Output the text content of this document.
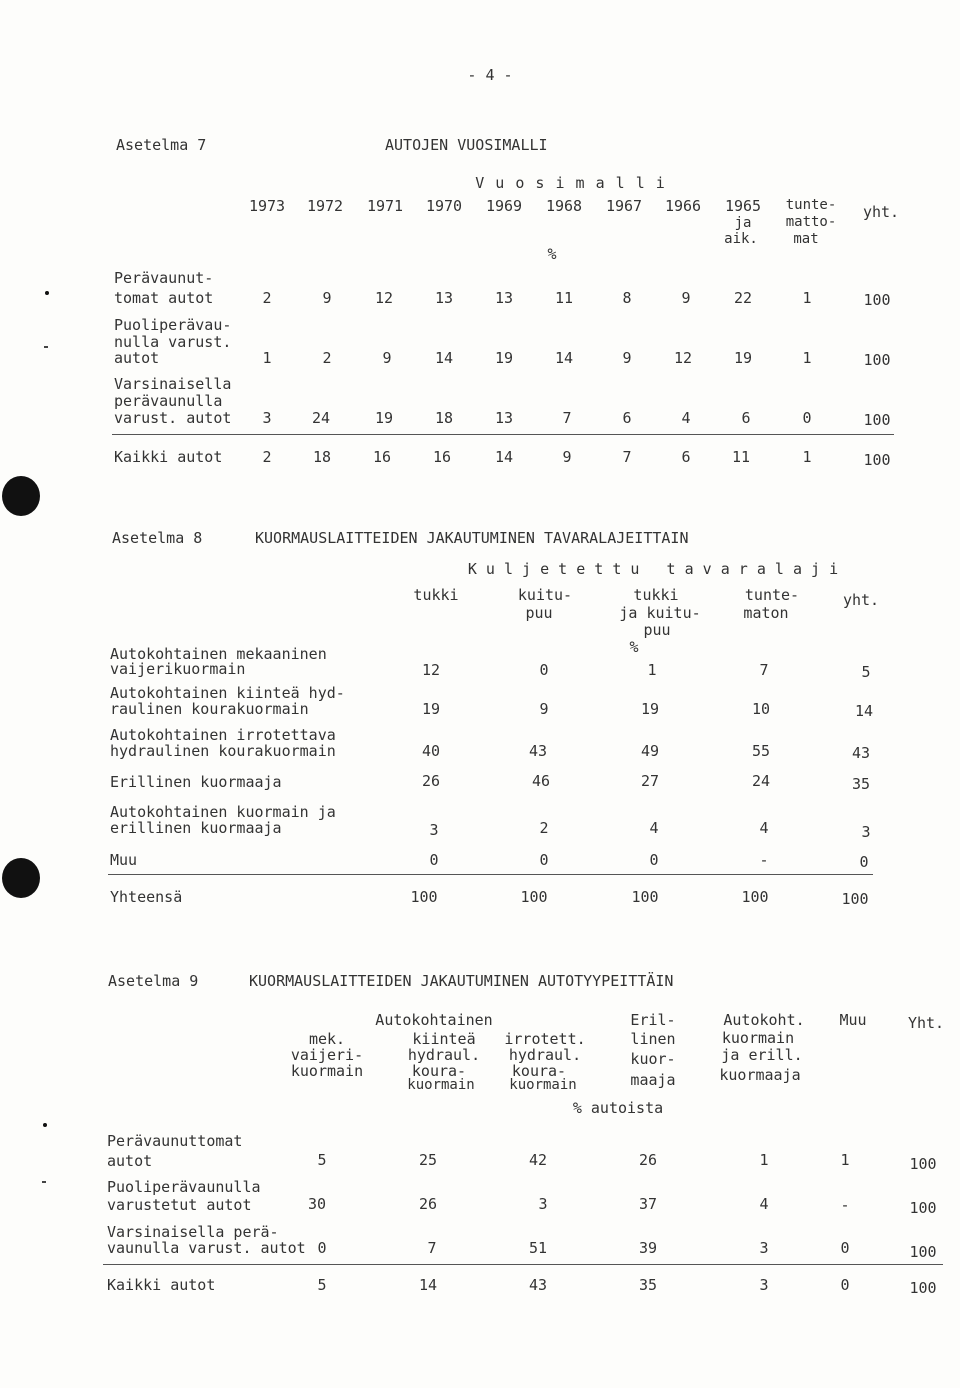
- 4 -
Asetelma 7	AUTOJEN VUOSIMALLI
V u o s i m a l l i
1973 1972 1971 1970 1969 1968 1967 1966 1965
ja
aik.
tunte-
matto-
mat
yht.
%
Perävaunut-
tomat autot	2	9	12	13	13	11	8	9	22	1	100
Puoliperävau-
nulla varust.
autot	1	2	9	14	19	14	9	12	19	1	100
Varsinaisella
perävaunulla
varust. autot 3	24	19	18	13	7	6	4	6	0	100
Kaikki autot	2	18	16	16	14	9	7	6	11	1	100
Asetelma 8	KUORMAUSLAITTEIDEN JAKAUTUMINEN TAVARALAJEITTAIN
K u l j e t e t t u   t a v a r a l a j i
tukki	kuitu-
puu
tukki
ja kuitu-
puu
tunte-
maton
yht.
%
Autokohtainen mekaaninen
vaijerikuormain	12	0	1	7	5
Autokohtainen kiinteä hyd-
raulinen kourakuormain	19	9	19	10	14
Autokohtainen irrotettava
hydraulinen kourakuormain	40	43	49	55	43
Erillinen kuormaaja	26	46	27	24	35
Autokohtainen kuormain ja
erillinen kuormaaja	3	2	4	4	3
Muu	0	0	0	-	0
Yhteensä	100	100	100	100	100
Asetelma 9	KUORMAUSLAITTEIDEN JAKAUTUMINEN AUTOTYYPEITTÄIN
Autokohtainen
mek.
vaijeri-
kuormain
kiinteä
hydraul.
koura-
kuormain
irrotett.
hydraul.
koura-
kuormain
Eril-
linen
kuor-
maaja
Autokoht.
kuormain
ja erill.
kuormaaja
Muu	Yht.
% autoista
Perävaunuttomat
autot	5	25	42	26	1	1	100
Puoliperävaunulla
varustetut autot	30	26	3	37	4	-	100
Varsinaisella perä-
vaunulla varust. autot 0	7	51	39	3	0	100
Kaikki autot	5	14	43	35	3	0	100
